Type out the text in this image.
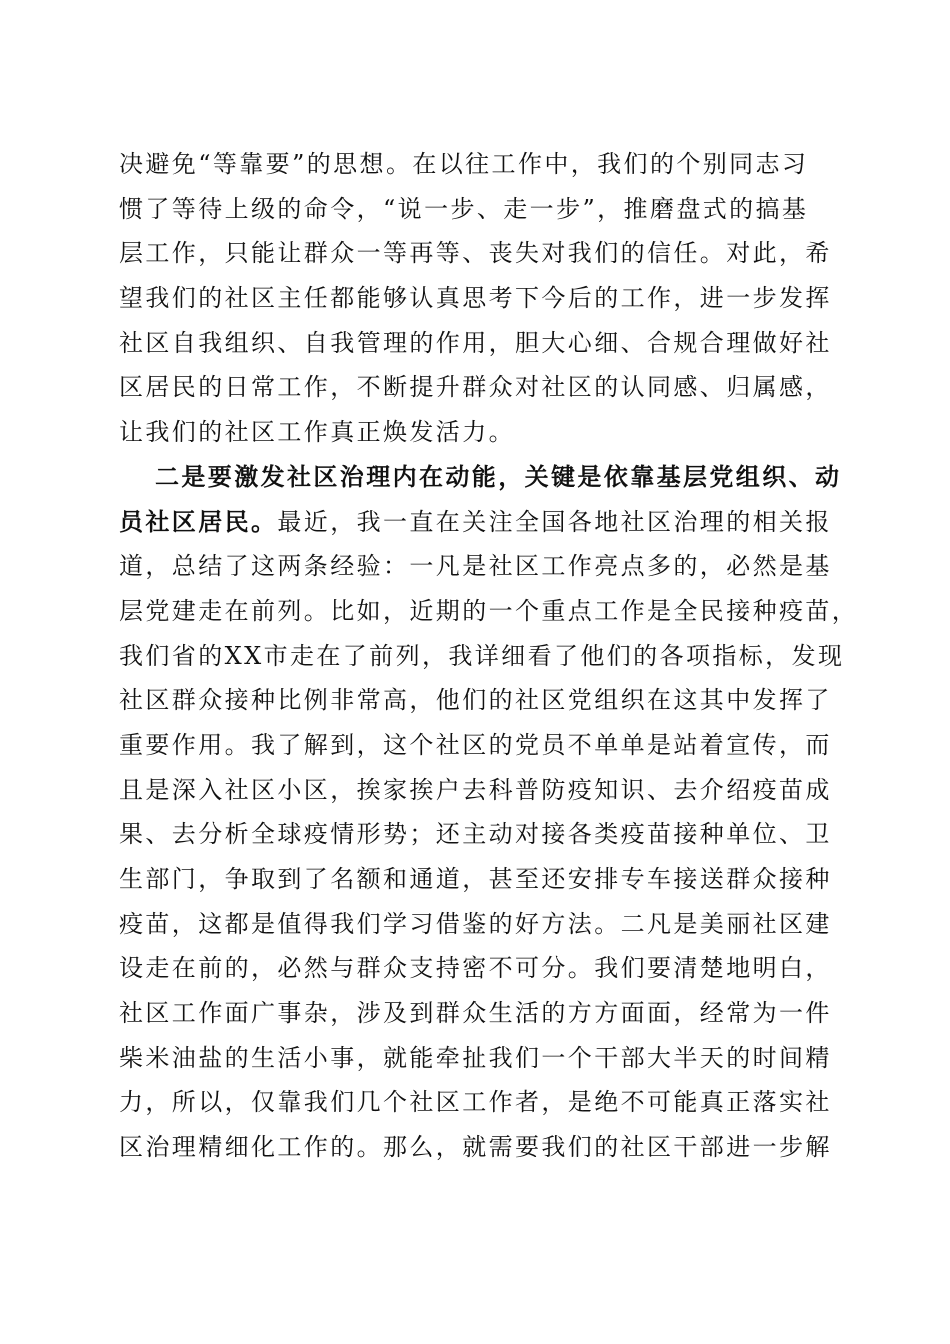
决避免“等靠要”的思想。在以往工作中，我们的个别同志习
惯了等待上级的命令，“说一步、走一步”，推磨盘式的搞基
层工作，只能让群众一等再等、丧失对我们的信任。对此，希
望我们的社区主任都能够认真思考下今后的工作，进一步发挥
社区自我组织、自我管理的作用，胆大心细、合规合理做好社
区居民的日常工作，不断提升群众对社区的认同感、归属感，
让我们的社区工作真正焕发活力。
二是要激发社区治理内在动能，关键是依靠基层党组织、动
员社区居民。最近，我一直在关注全国各地社区治理的相关报
道，总结了这两条经验：一凡是社区工作亮点多的，必然是基
层党建走在前列。比如，近期的一个重点工作是全民接种疫苗，
我们省的XX市走在了前列，我详细看了他们的各项指标，发现
社区群众接种比例非常高，他们的社区党组织在这其中发挥了
重要作用。我了解到，这个社区的党员不单单是站着宣传，而
且是深入社区小区，挨家挨户去科普防疫知识、去介绍疫苗成
果、去分析全球疫情形势；还主动对接各类疫苗接种单位、卫
生部门，争取到了名额和通道，甚至还安排专车接送群众接种
疫苗，这都是值得我们学习借鉴的好方法。二凡是美丽社区建
设走在前的，必然与群众支持密不可分。我们要清楚地明白，
社区工作面广事杂，涉及到群众生活的方方面面，经常为一件
柴米油盐的生活小事，就能牵扯我们一个干部大半天的时间精
力，所以，仅靠我们几个社区工作者，是绝不可能真正落实社
区治理精细化工作的。那么，就需要我们的社区干部进一步解
